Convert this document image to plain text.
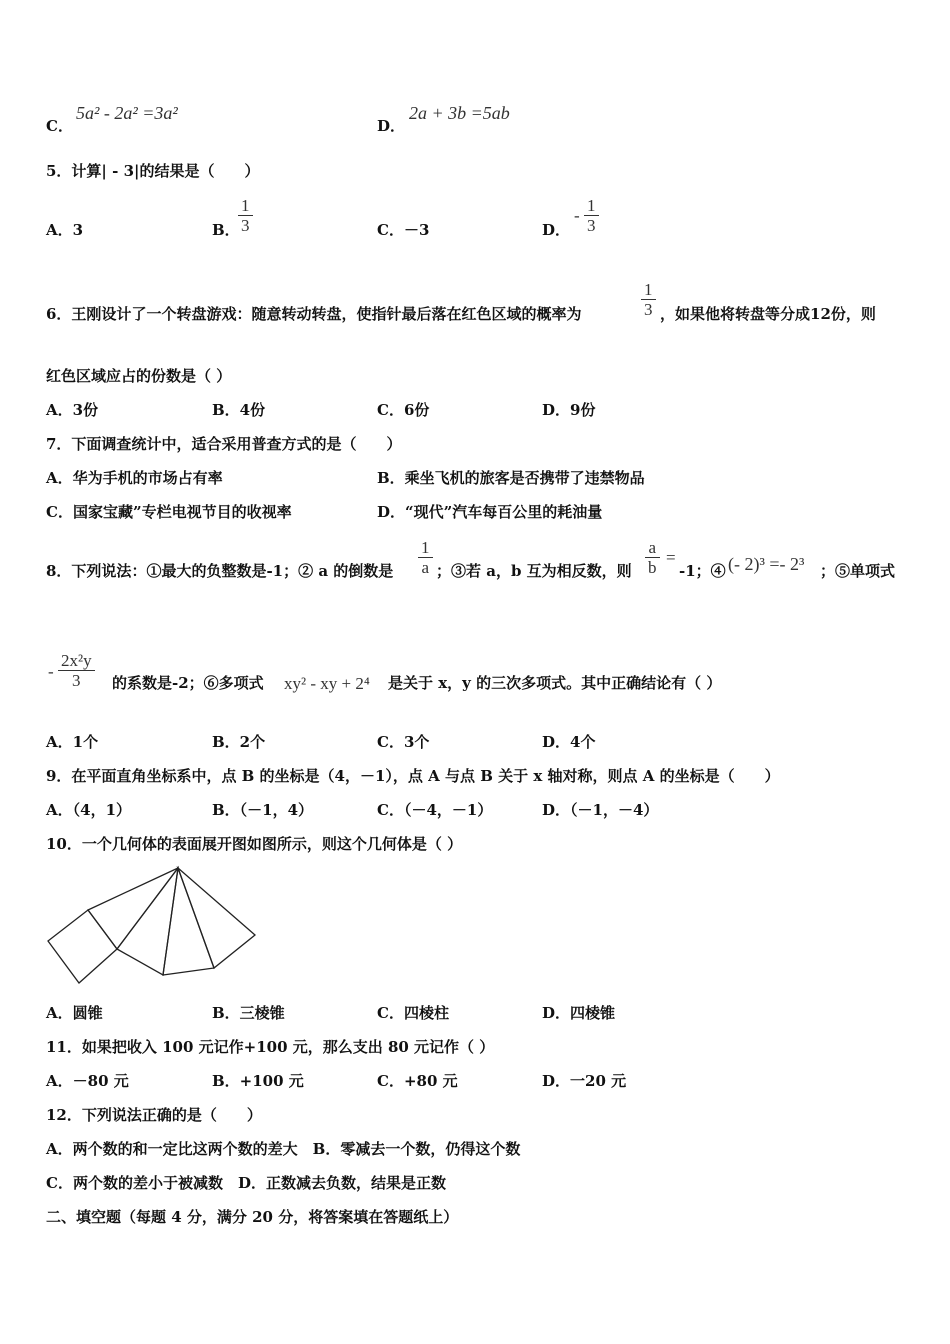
C．
5a² - 2a² =3a²
D．
2a + 3b =5ab
5．计算| - 3|的结果是（　　）
A．3	B．
1
3	C．－3	D．
-
1
3
6．王刚设计了一个转盘游戏：随意转动转盘，使指针最后落在红色区域的概率为
1
3 ，如果他将转盘等分成12份，则
红色区域应占的份数是（ ）
A．3份	B．4份	C．6份	D．9份
7．下面调查统计中，适合采用普查方式的是（　　）
A．华为手机的市场占有率	B．乘坐飞机的旅客是否携带了违禁物品
C．国家宝藏”专栏电视节目的收视率	D．“现代”汽车每百公里的耗油量
8．下列说法：①最大的负整数是-1；② a 的倒数是
1
a ；③若 a，b 互为相反数，则
a
b
=
-1；④ (- 2)³ =- 2³ ；⑤单项式
-
2x²y
3	的系数是-2；⑥多项式 xy² - xy + 2⁴ 是关于 x，y 的三次多项式。其中正确结论有（ ）
A．1个	B．2个	C．3个	D．4个
9．在平面直角坐标系中，点 B 的坐标是（4，－1），点 A 与点 B 关于 x 轴对称，则点 A 的坐标是（　　）
A．（4，1）	B．（－1，4）	C．（－4，－1）	D．（－1，－4）
10．一个几何体的表面展开图如图所示，则这个几何体是（ ）
A．圆锥	B．三棱锥	C．四棱柱	D．四棱锥
11．如果把收入 100 元记作+100 元，那么支出 80 元记作（ ）
A．－80 元	B．+100 元	C．+80 元	D．一20 元
12．下列说法正确的是（　　）
A．两个数的和一定比这两个数的差大　B．零减去一个数，仍得这个数
C．两个数的差小于被减数　D．正数减去负数，结果是正数
二、填空题（每题 4 分，满分 20 分，将答案填在答题纸上）
